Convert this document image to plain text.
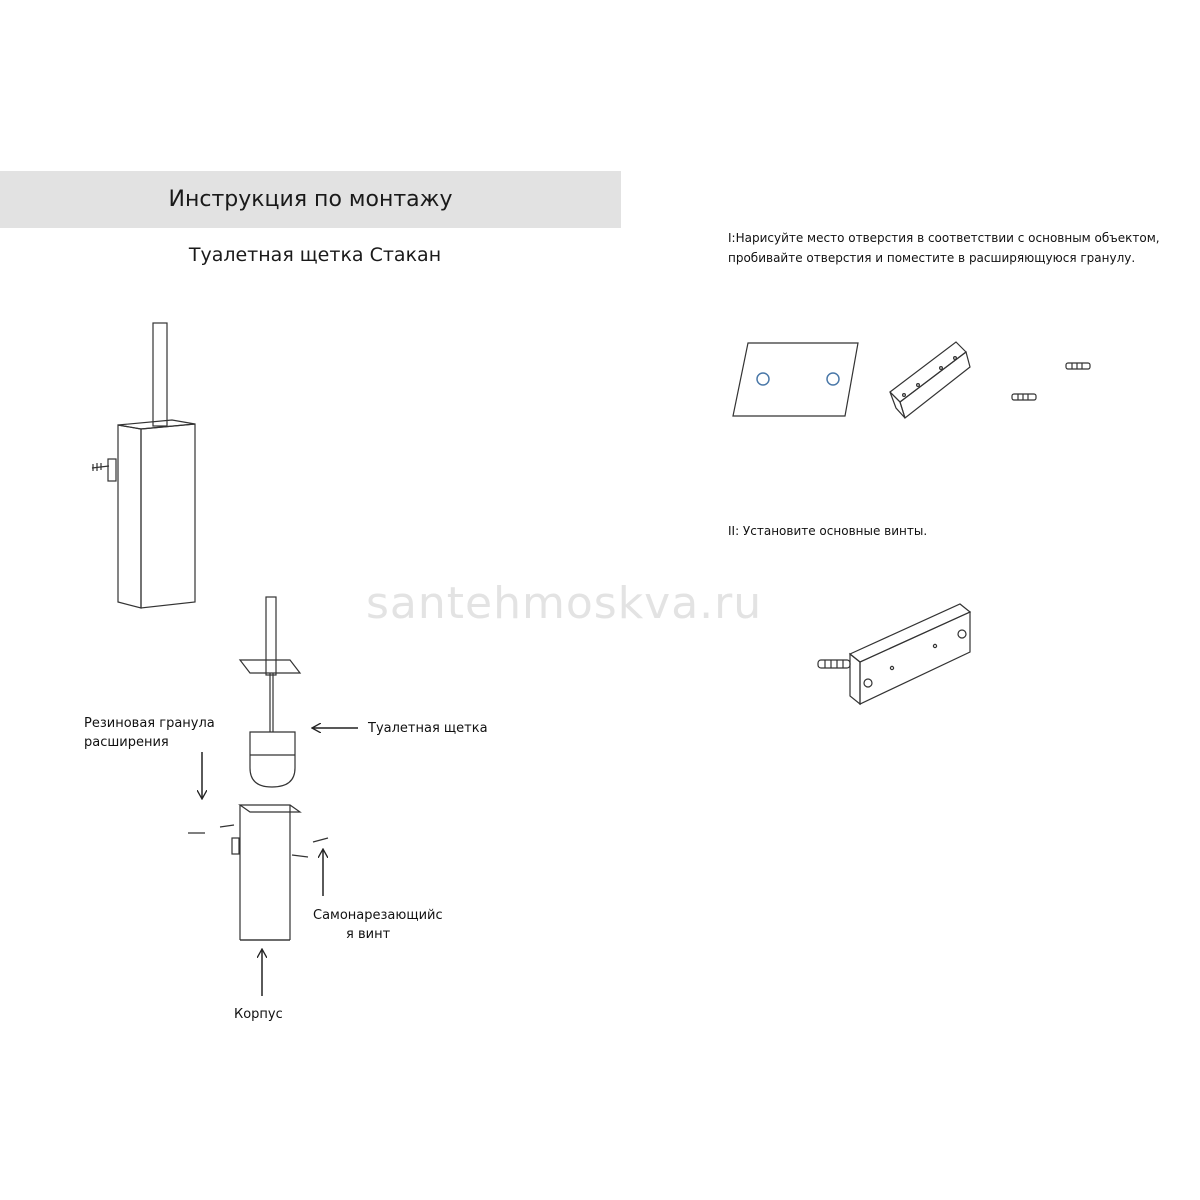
Инструкция по монтажу
Туалетная щетка Стакан
santehmoskva.ru
I:Нарисуйте место отверстия в соответствии с основным объектом,
пробивайте отверстия и поместите в расширяющуюся гранулу.
II: Установите основные винты.
Резиновая гранула
расширения
Туалетная щетка
Самонарезающийс
я винт
Корпус
